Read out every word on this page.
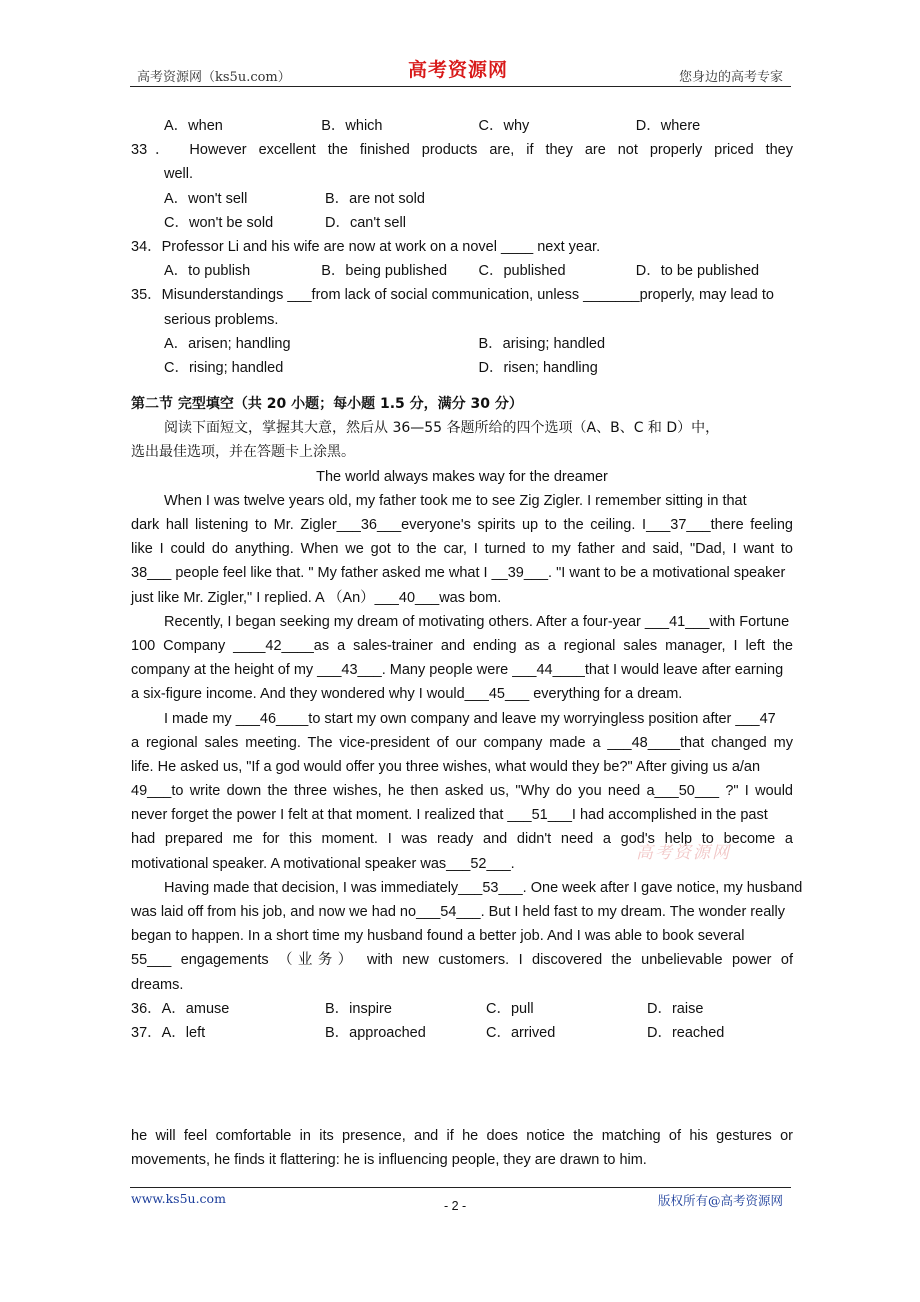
高考资源网（ks5u.com）	高考资源网	您身边的高考专家
A．when	B．which	C．why	D．where
33． However excellent the finished products are, if they are not properly priced they
well.
A．won't sell	B．are not sold
C．won't be sold	D．can't sell
34．Professor Li and his wife are now at work on a novel ____ next year.
A．to publish	B．being published	C．published	D．to be published
35．Misunderstandings ___from lack of social communication, unless _______properly, may lead to
serious problems.
A．arisen; handling	B．arising; handled
C．rising; handled	D．risen; handling
第二节 完型填空（共 20 小题；每小题 1.5 分，满分 30 分）
阅读下面短文，掌握其大意，然后从 36—55 各题所给的四个选项（A、B、C 和 D）中，
选出最佳选项，并在答题卡上涂黑。
The world always makes way for the dreamer
When I was twelve years old, my father took me to see Zig Zigler. I remember sitting in that
dark hall listening to Mr. Zigler___36___everyone's spirits up to the ceiling. I___37___there feeling
like I could do anything. When we got to the car, I turned to my father and said, "Dad, I want to
38___ people feel like that. " My father asked me what I __39___. "I want to be a motivational speaker
just like Mr. Zigler," I replied. A （An）___40___was bom.
Recently, I began seeking my dream of motivating others. After a four-year ___41___with Fortune
100 Company ____42____as a sales-trainer and ending as a regional sales manager, I left the
company at the height of my ___43___. Many people were ___44____that I would leave after earning
a six-figure income. And they wondered why I would___45___ everything for a dream.
I made my ___46____to start my own company and leave my worryingless position after ___47
a regional sales meeting. The vice-president of our company made a ___48____that changed my
life. He asked us, "If a god would offer you three wishes, what would they be?" After giving us a/an
49___to write down the three wishes, he then asked us, "Why do you need a___50___ ?" I would
never forget the power I felt at that moment. I realized that ___51___I had accomplished in the past
had prepared me for this moment. I was ready and didn't need a god's help to become a
motivational speaker. A motivational speaker was___52___.
Having made that decision, I was immediately___53___. One week after I gave notice, my husband
was laid off from his job, and now we had no___54___. But I held fast to my dream. The wonder really
began to happen. In a short time my husband found a better job. And I was able to book several
55___ engagements （业务） with new customers. I discovered the unbelievable power of
dreams.
36．A．amuse	B．inspire	C．pull	D．raise
37．A．left	B．approached	C．arrived	D．reached
高考资源网
he will feel comfortable in its presence, and if he does notice the matching of his gestures or
movements, he finds it flattering: he is influencing people, they are drawn to him.
www.ks5u.com	- 2 -	版权所有@高考资源网
